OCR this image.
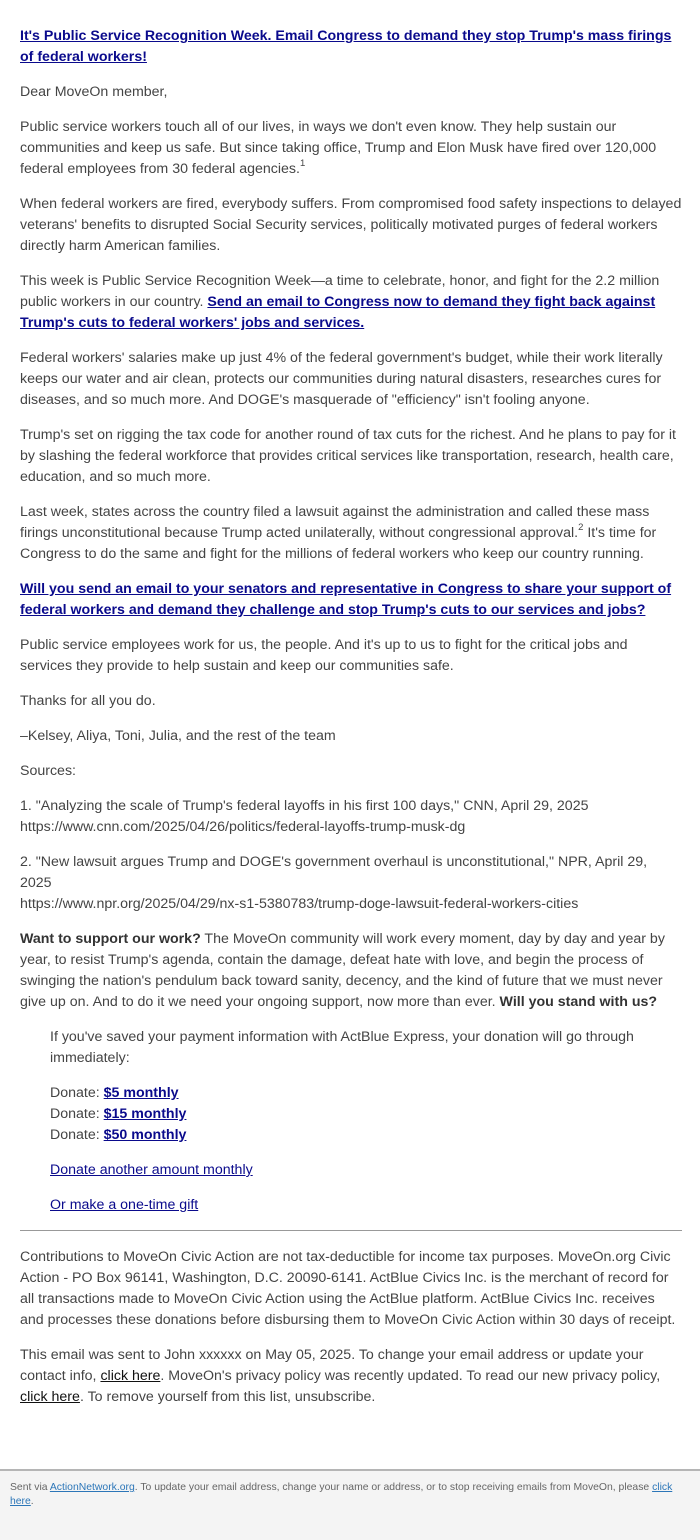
It's Public Service Recognition Week. Email Congress to demand they stop Trump's mass firings of federal workers!

Dear MoveOn member,

Public service workers touch all of our lives, in ways we don't even know. They help sustain our communities and keep us safe. But since taking office, Trump and Elon Musk have fired over 120,000 federal employees from 30 federal agencies.$^1$

When federal workers are fired, everybody suffers. From compromised food safety inspections to delayed veterans' benefits to disrupted Social Security services, politically motivated purges of federal workers directly harm American families.

This week is Public Service Recognition Week—a time to celebrate, honor, and fight for the 2.2 million public workers in our country. Send an email to Congress now to demand they fight back against Trump's cuts to federal workers' jobs and services.

Federal workers' salaries make up just 4% of the federal government's budget, while their work literally keeps our water and air clean, protects our communities during natural disasters, researches cures for diseases, and so much more. And DOGE's masquerade of "efficiency" isn't fooling anyone.

Trump's set on rigging the tax code for another round of tax cuts for the richest. And he plans to pay for it by slashing the federal workforce that provides critical services like transportation, research, health care, education, and so much more.

Last week, states across the country filed a lawsuit against the administration and called these mass firings unconstitutional because Trump acted unilaterally, without congressional approval.$^2$ It's time for Congress to do the same and fight for the millions of federal workers who keep our country running.

Will you send an email to your senators and representative in Congress to share your support of federal workers and demand they challenge and stop Trump's cuts to our services and jobs?

Public service employees work for us, the people. And it's up to us to fight for the critical jobs and services they provide to help sustain and keep our communities safe.

Thanks for all you do.

–Kelsey, Aliya, Toni, Julia, and the rest of the team

Sources:

1. "Analyzing the scale of Trump's federal layoffs in his first 100 days," CNN, April 29, 2025
https://www.cnn.com/2025/04/26/politics/federal-layoffs-trump-musk-dg

2. "New lawsuit argues Trump and DOGE's government overhaul is unconstitutional," NPR, April 29, 2025
https://www.npr.org/2025/04/29/nx-s1-5380783/trump-doge-lawsuit-federal-workers-cities

Want to support our work? The MoveOn community will work every moment, day by day and year by year, to resist Trump's agenda, contain the damage, defeat hate with love, and begin the process of swinging the nation's pendulum back toward sanity, decency, and the kind of future that we must never give up on. And to do it we need your ongoing support, now more than ever. Will you stand with us?

If you've saved your payment information with ActBlue Express, your donation will go through immediately:

Donate: $5 monthly
Donate: $15 monthly
Donate: $50 monthly

Donate another amount monthly

Or make a one-time gift

Contributions to MoveOn Civic Action are not tax-deductible for income tax purposes. MoveOn.org Civic Action - PO Box 96141, Washington, D.C. 20090-6141. ActBlue Civics Inc. is the merchant of record for all transactions made to MoveOn Civic Action using the ActBlue platform. ActBlue Civics Inc. receives and processes these donations before disbursing them to MoveOn Civic Action within 30 days of receipt.

This email was sent to John xxxxxx on May 05, 2025. To change your email address or update your contact info, click here. MoveOn's privacy policy was recently updated. To read our new privacy policy, click here. To remove yourself from this list, unsubscribe.

Sent via ActionNetwork.org. To update your email address, change your name or address, or to stop receiving emails from MoveOn, please click here.
